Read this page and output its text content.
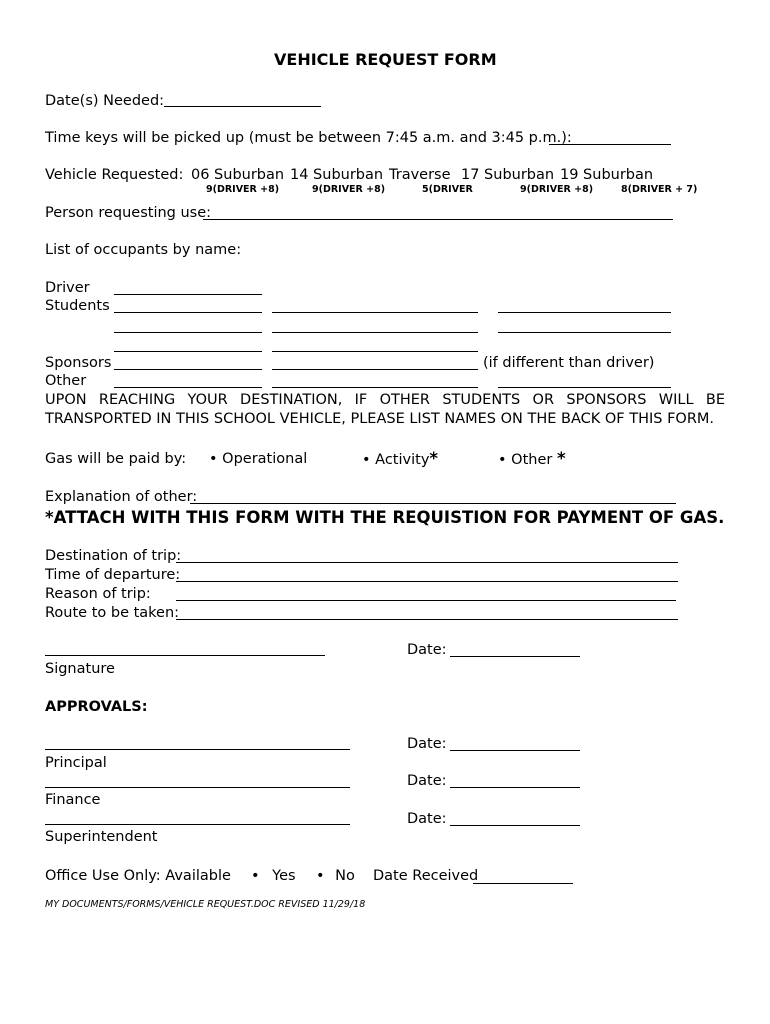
VEHICLE REQUEST FORM
Date(s) Needed:
Time keys will be picked up (must be between 7:45 a.m. and 3:45 p.m.):
Vehicle Requested: 06 Suburban 14 Suburban Traverse 17 Suburban 19 Suburban
9(DRIVER +8)	9(DRIVER +8)	5(DRIVER	9(DRIVER +8)	8(DRIVER + 7)
Person requesting use:
List of occupants by name:
Driver
Students
Sponsors	(if different than driver)
Other
UPON REACHING YOUR DESTINATION, IF OTHER STUDENTS OR SPONSORS WILL BE
TRANSPORTED IN THIS SCHOOL VEHICLE, PLEASE LIST NAMES ON THE BACK OF THIS FORM.
Gas will be paid by: • Operational	• Activity*	• Other *
Explanation of other:
*ATTACH WITH THIS FORM WITH THE REQUISTION FOR PAYMENT OF GAS.
Destination of trip:
Time of departure:
Reason of trip:
Route to be taken:
Date:
Signature
APPROVALS:
Date:
Principal
Date:
Finance
Date:
Superintendent
Office Use Only: Available • Yes • No Date Received
MY DOCUMENTS/FORMS/VEHICLE REQUEST.DOC REVISED 11/29/18
